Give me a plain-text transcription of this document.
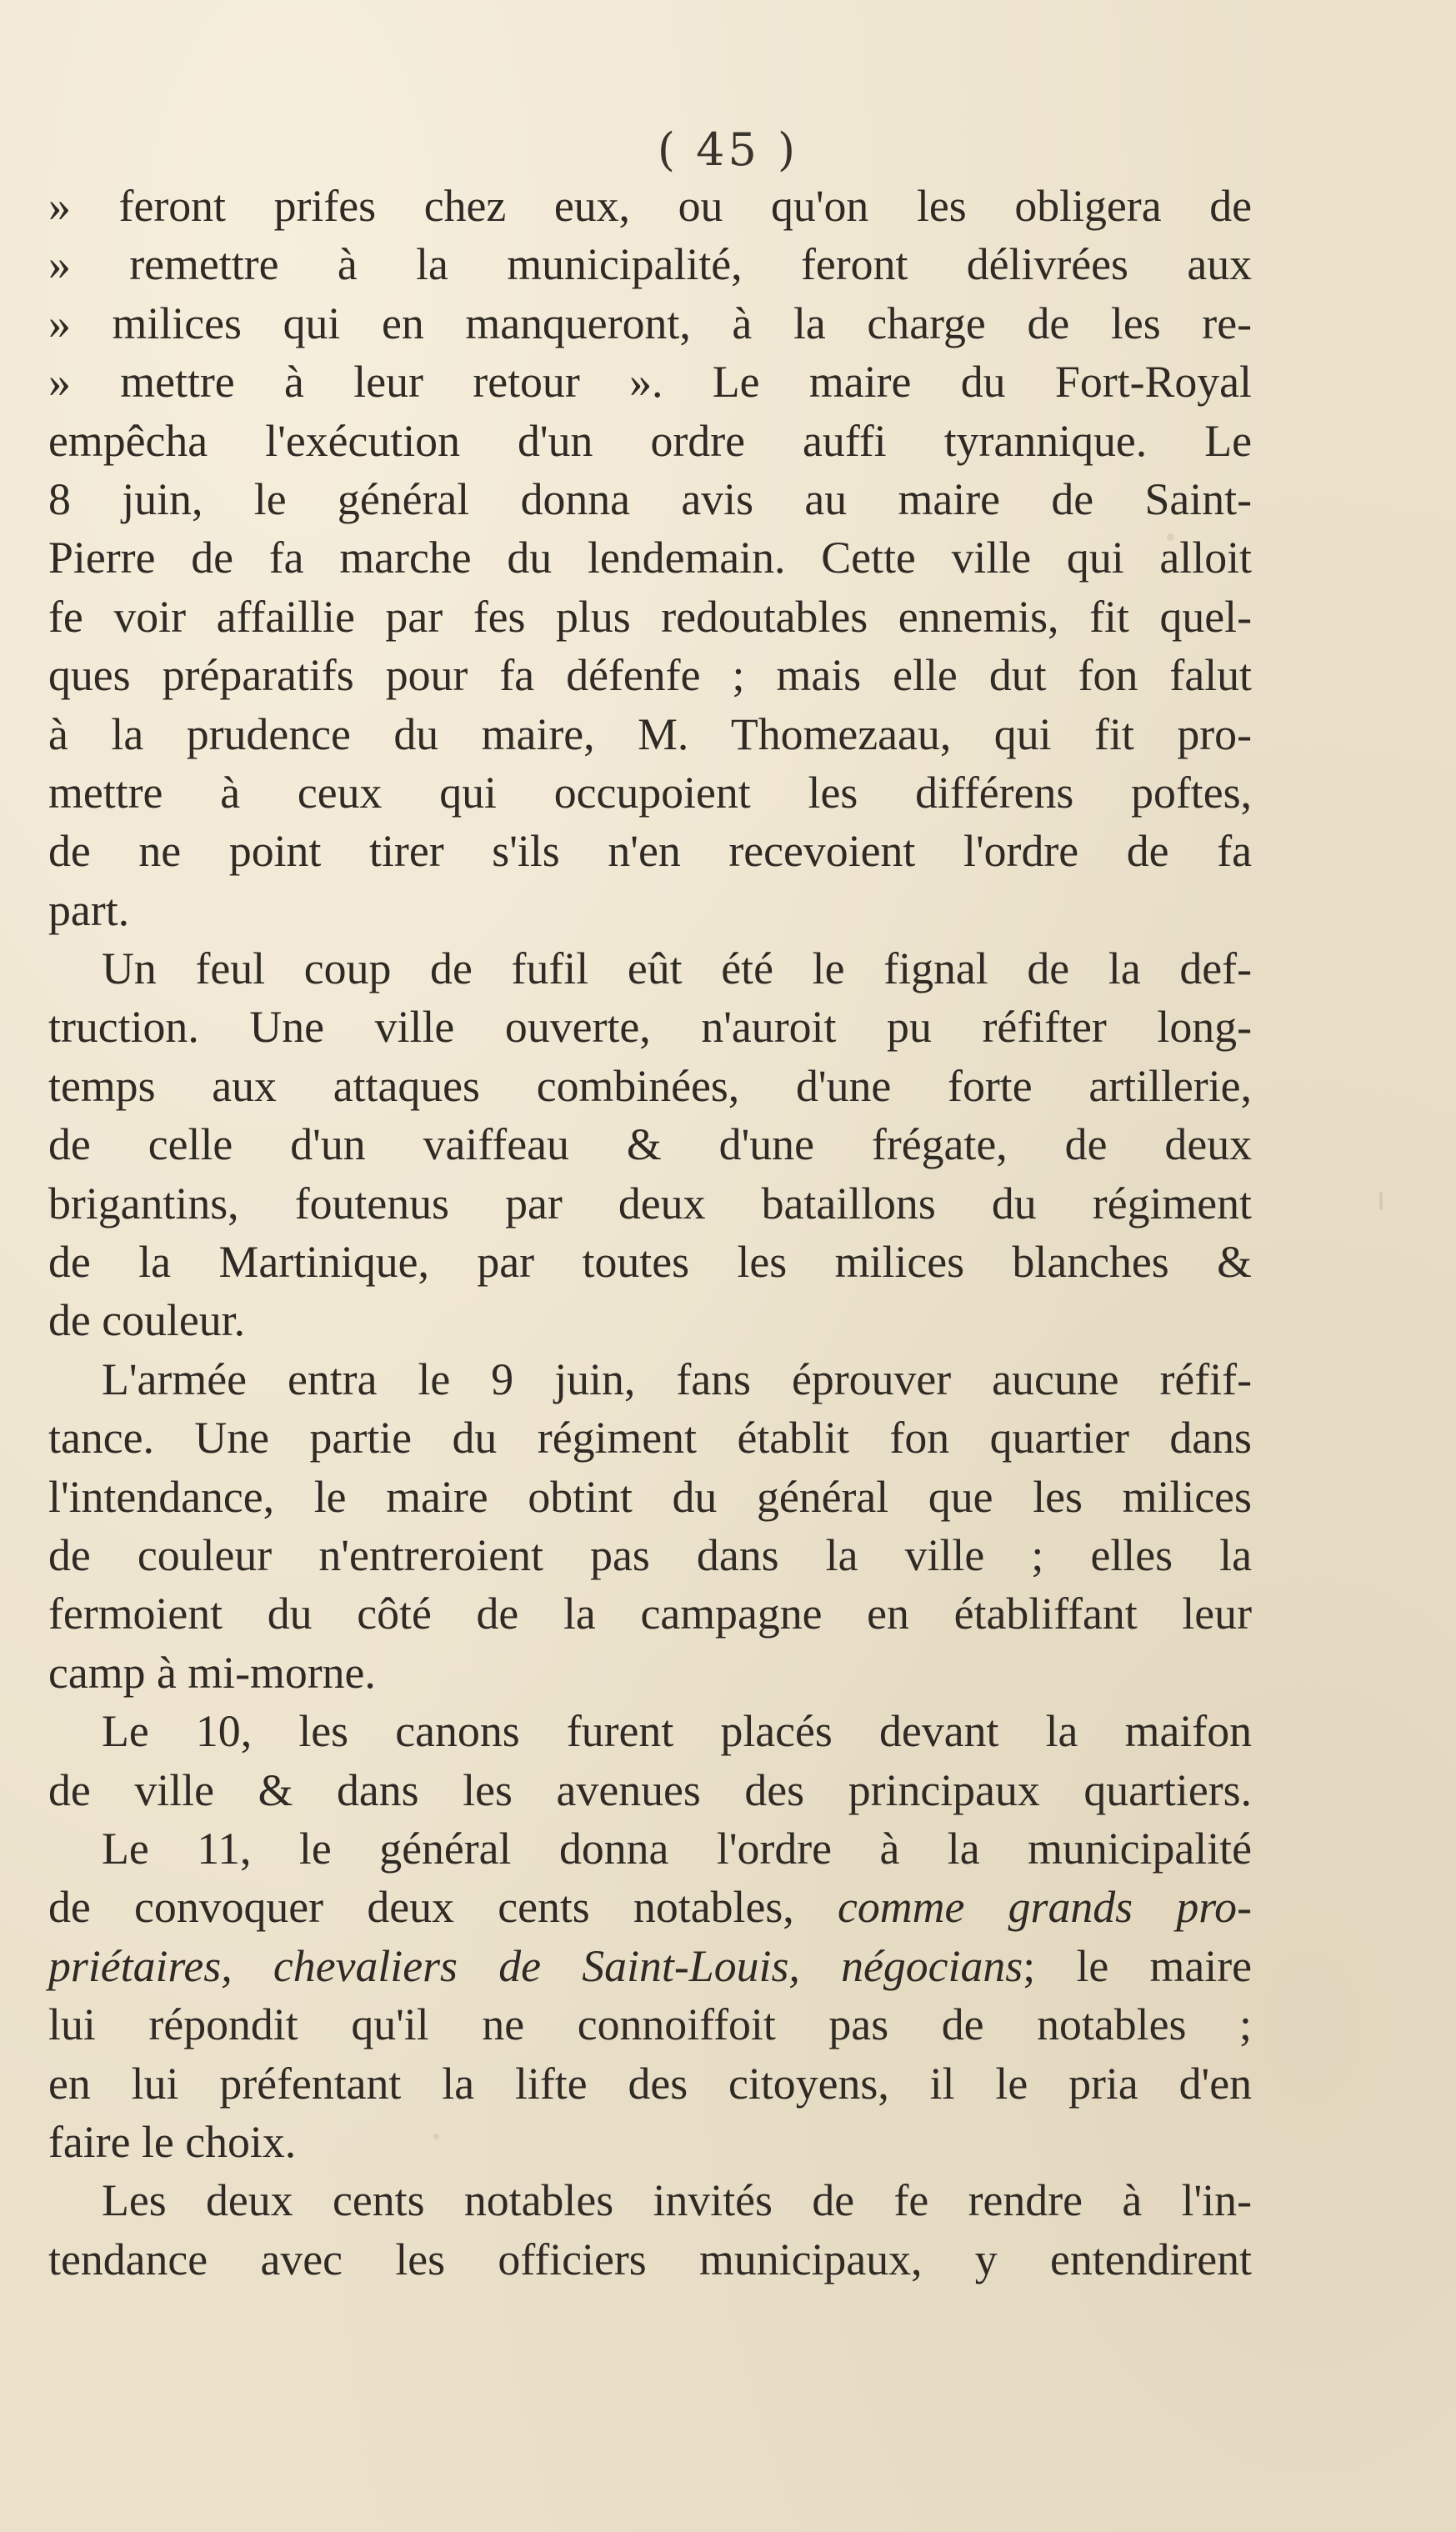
( 45 )
» feront prifes chez eux, ou qu'on les obligera de
» remettre à la municipalité, feront délivrées aux
» milices qui en manqueront, à la charge de les re-
» mettre à leur retour ». Le maire du Fort-Royal
empêcha l'exécution d'un ordre auffi tyrannique. Le
8 juin, le général donna avis au maire de Saint-
Pierre de fa marche du lendemain. Cette ville qui alloit
fe voir affaillie par fes plus redoutables ennemis, fit quel-
ques préparatifs pour fa défenfe ; mais elle dut fon falut
à la prudence du maire, M. Thomezaau, qui fit pro-
mettre à ceux qui occupoient les différens poftes,
de ne point tirer s'ils n'en recevoient l'ordre de fa
part.
Un feul coup de fufil eût été le fignal de la def-
truction. Une ville ouverte, n'auroit pu réfifter long-
temps aux attaques combinées, d'une forte artillerie,
de celle d'un vaiffeau & d'une frégate, de deux
brigantins, foutenus par deux bataillons du régiment
de la Martinique, par toutes les milices blanches &
de couleur.
L'armée entra le 9 juin, fans éprouver aucune réfif-
tance. Une partie du régiment établit fon quartier dans
l'intendance, le maire obtint du général que les milices
de couleur n'entreroient pas dans la ville ; elles la
fermoient du côté de la campagne en établiffant leur
camp à mi-morne.
Le 10, les canons furent placés devant la maifon
de ville & dans les avenues des principaux quartiers.
Le 11, le général donna l'ordre à la municipalité
de convoquer deux cents notables, comme grands pro-
priétaires, chevaliers de Saint-Louis, négocians; le maire
lui répondit qu'il ne connoiffoit pas de notables ;
en lui préfentant la lifte des citoyens, il le pria d'en
faire le choix.
Les deux cents notables invités de fe rendre à l'in-
tendance avec les officiers municipaux, y entendirent
